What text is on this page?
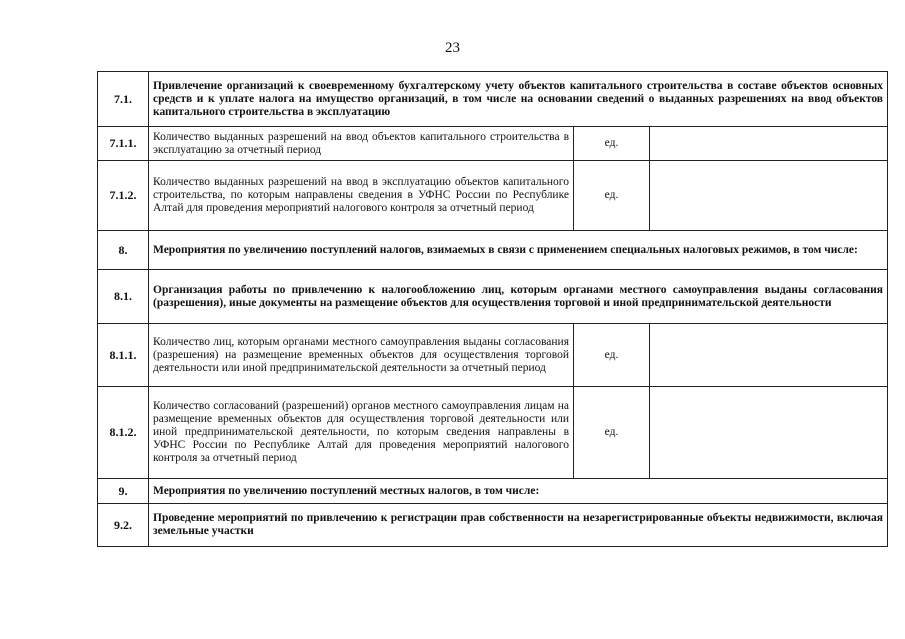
23
7.1.	Привлечение организаций к своевременному бухгалтерскому учету объектов капитального строительства в составе объектов основных средств и к уплате налога на имущество организаций, в том числе на основании сведений о выданных разрешениях на ввод объектов капитального строительства в эксплуатацию		
7.1.1.	Количество выданных разрешений на ввод объектов капитального строительства в эксплуатацию за отчетный период	ед.	
7.1.2.	Количество выданных разрешений на ввод в эксплуатацию объектов капитального строительства, по которым направлены сведения в УФНС России по Республике Алтай для проведения мероприятий налогового контроля за отчетный период	ед.	
8.	Мероприятия по увеличению поступлений налогов, взимаемых в связи с применением специальных налоговых режимов, в том числе:		
8.1.	Организация работы по привлечению к налогообложению лиц, которым органами местного самоуправления выданы согласования (разрешения), иные документы на размещение объектов для осуществления торговой и иной предпринимательской деятельности		
8.1.1.	Количество лиц, которым органами местного самоуправления выданы согласования (разрешения) на размещение временных объектов для осуществления торговой деятельности или иной предпринимательской деятельности за отчетный период	ед.	
8.1.2.	Количество согласований (разрешений) органов местного самоуправления лицам на размещение временных объектов для осуществления торговой деятельности или иной предпринимательской деятельности, по которым сведения направлены в УФНС России по Республике Алтай для проведения мероприятий налогового контроля за отчетный период	ед.	
9.	Мероприятия по увеличению поступлений местных налогов, в том числе:		
9.2.	Проведение мероприятий по привлечению к регистрации прав собственности на незарегистрированные объекты недвижимости, включая земельные участки		
